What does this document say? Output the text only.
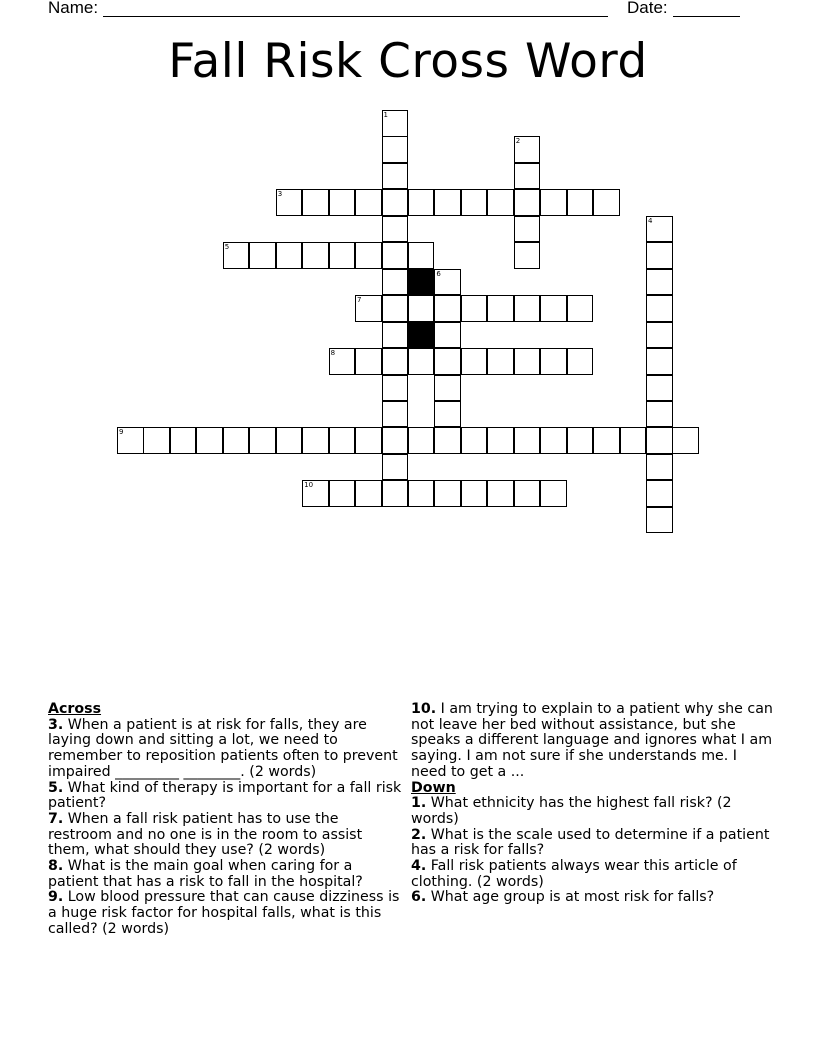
Name:	Date:
Fall Risk Cross Word
1
2
3
4
5
6
7
8
9
10
Across
3. When a patient is at risk for falls, they are laying down and sitting a lot, we need to remember to reposition patients often to prevent impaired _________ ________. (2 words)
5. What kind of therapy is important for a fall risk patient?
7. When a fall risk patient has to use the restroom and no one is in the room to assist them, what should they use? (2 words)
8. What is the main goal when caring for a patient that has a risk to fall in the hospital?
9. Low blood pressure that can cause dizziness is a huge risk factor for hospital falls, what is this called? (2 words)
10. I am trying to explain to a patient why she can not leave her bed without assistance, but she speaks a different language and ignores what I am saying. I am not sure if she understands me. I need to get a ...
Down
1. What ethnicity has the highest fall risk? (2 words)
2. What is the scale used to determine if a patient has a risk for falls?
4. Fall risk patients always wear this article of clothing. (2 words)
6. What age group is at most risk for falls?
